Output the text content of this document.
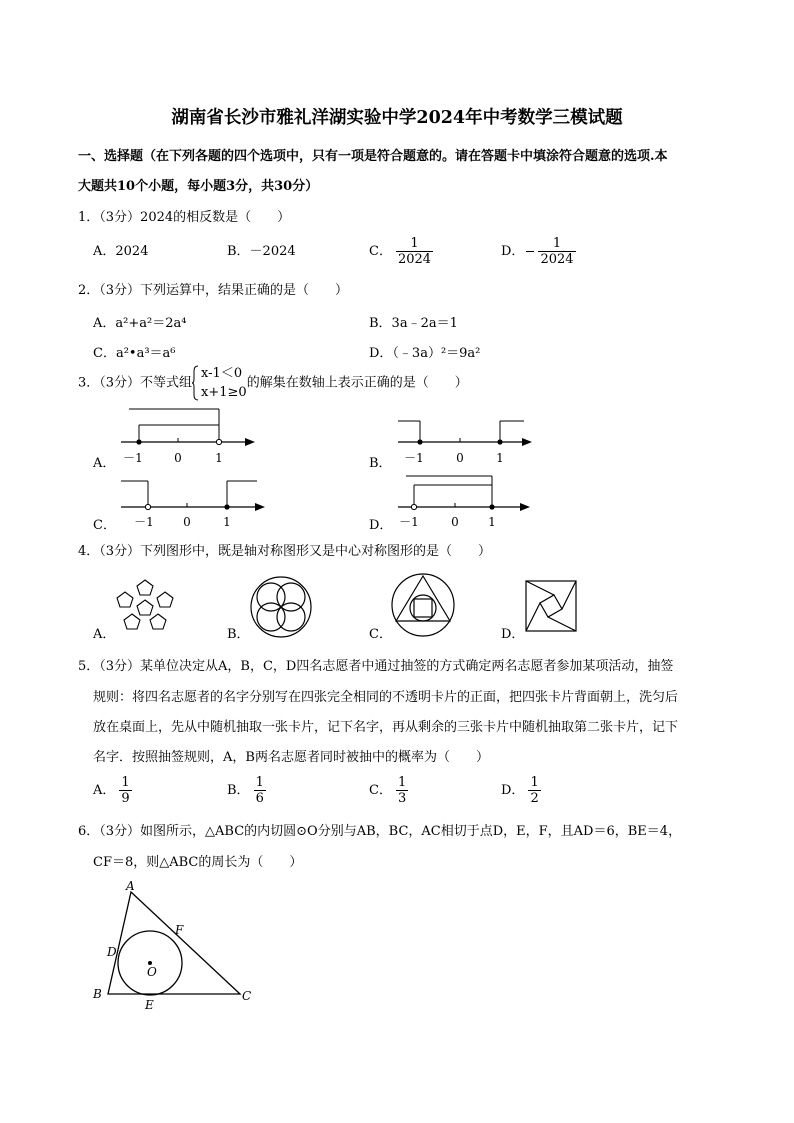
湖南省长沙市雅礼洋湖实验中学2024年中考数学三模试题
一、选择题（在下列各题的四个选项中，只有一项是符合题意的。请在答题卡中填涂符合题意的选项.本
大题共10个小题，每小题3分，共30分）
1．（3分）2024的相反数是（　　）
A．2024	B．－2024	C． $\frac{1}{2024}$	D． $\frac{1}{2024}$
2．（3分）下列运算中，结果正确的是（　　）
A．a²+a²＝2a⁴	B．3a﹣2a＝1
C．a²•a³＝a⁶	D．（﹣3a）²＝9a²
3．（3分）不等式组
x-1＜0
x+1≥0
的解集在数轴上表示正确的是（　　）
A． －1	0	1	B． －1	0	1
C． －1 0	1	D． －1	0 1
4．（3分）下列图形中，既是轴对称图形又是中心对称图形的是（　　）
A．	B．	C．	D．
5．（3分）某单位决定从A，B，C，D四名志愿者中通过抽签的方式确定两名志愿者参加某项活动，抽签
规则：将四名志愿者的名字分别写在四张完全相同的不透明卡片的正面，把四张卡片背面朝上，洗匀后
放在桌面上，先从中随机抽取一张卡片，记下名字，再从剩余的三张卡片中随机抽取第二张卡片，记下
名字．按照抽签规则，A，B两名志愿者同时被抽中的概率为（　　）
A． $\frac{1}{9}$	B． $\frac{1}{6}$	C． $\frac{1}{3}$	D． $\frac{1}{2}$
6．（3分）如图所示，△ABC的内切圆⊙O分别与AB，BC，AC相切于点D，E，F，且AD＝6，BE＝4，
CF＝8，则△ABC的周长为（　　）
A
B	C
D
E
F
O
